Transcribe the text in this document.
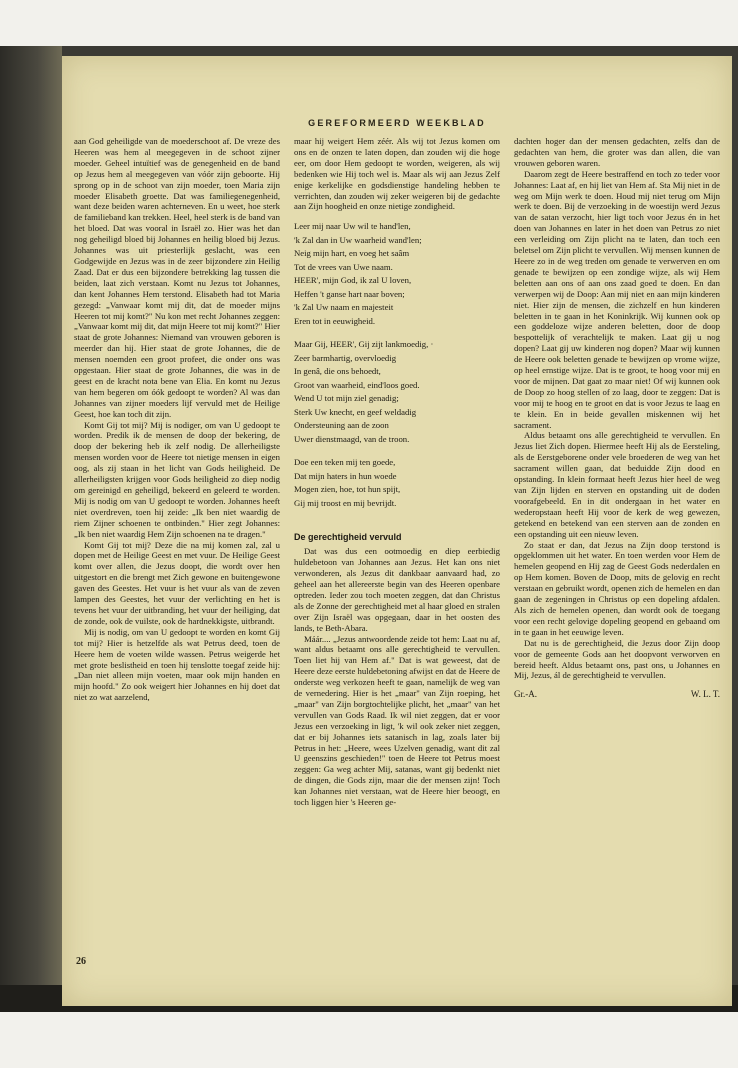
GEREFORMEERD WEEKBLAD

aan God geheiligde van de moederschoot af. De vreze des Heeren was hem al meegegeven in de schoot zijner moeder. Geheel intuïtief was de genegenheid en de band op Jezus hem al meegegeven van vóór zijn geboorte. Hij sprong op in de schoot van zijn moeder, toen Maria zijn moeder Elisabeth groette. Dat was familiegenegenheid, want deze beiden waren achterneven. En u weet, hoe sterk de familieband kan trekken. Heel, heel sterk is de band van het bloed. Dat was vooral in Israël zo. Hier was het dan nog geheiligd bloed bij Johannes en heilig bloed bij Jezus. Johannes was uit priesterlijk geslacht, was een Godgewijde en Jezus was in de zeer bijzondere zin Heilig Zaad. Dat er dus een bijzondere betrekking lag tussen die beiden, laat zich verstaan. Komt nu Jezus tot Johannes, dan kent Johannes Hem terstond. Elisabeth had tot Maria gezegd: „Vanwaar komt mij dit, dat de moeder mijns Heeren tot mij komt?" Nu kon met recht Johannes zeggen: „Vanwaar komt mij dit, dat mijn Heere tot mij komt?" Hier staat de grote Johannes: Niemand van vrouwen geboren is meerder dan hij. Hier staat de grote Johannes, die de mensen noemden een groot profeet, die onder ons was opgestaan. Hier staat de grote Johannes, die was in de geest en de kracht nota bene van Elia. En komt nu Jezus van hem begeren om óók gedoopt te worden? Al was dan Johannes van zijner moeders lijf vervuld met de Heilige Geest, hoe kan toch dit zijn.

Komt Gij tot mij? Mij is nodiger, om van U gedoopt te worden. Predik ik de mensen de doop der bekering, de doop der bekering heb ik zelf nodig. De allerheiligste mensen worden voor de Heere tot nietige mensen in eigen oog, als zij staan in het licht van Gods heiligheid. De allerheiligsten krijgen voor Gods heiligheid zo diep nodig om gereinigd en geheiligd, bekeerd en geleerd te worden. Mij is nodig om van U gedoopt te worden. Johannes heeft niet overdreven, toen hij zeide: „Ik ben niet waardig de riem Zijner schoenen te ontbinden." Hier zegt Johannes: „Ik ben niet waardig Hem Zijn schoenen na te dragen."

Komt Gij tot mij? Deze die na mij komen zal, zal u dopen met de Heilige Geest en met vuur. De Heilige Geest komt over allen, die Jezus doopt, die wordt over hen uitgestort en die brengt met Zich gewone en buitengewone gaven des Geestes. Het vuur is het vuur als van de zeven lampen des Geestes, het vuur der verlichting en het is tevens het vuur der uitbranding, het vuur der heiliging, dat de zonde, ook de vuilste, ook de hardnekkigste, uitbrandt.

Mij is nodig, om van U gedoopt te worden en komt Gij tot mij? Hier is hetzelfde als wat Petrus deed, toen de Heere hem de voeten wilde wassen. Petrus weigerde het met grote beslistheid en toen hij tenslotte toegaf zeide hij: „Dan niet alleen mijn voeten, maar ook mijn handen en mijn hoofd." Zo ook weigert hier Johannes en hij doet dat niet zo wat aarzelend,

maar hij weigert Hem zéér. Als wij tot Jezus komen om ons en de onzen te laten dopen, dan zouden wij die hoge eer, om door Hem gedoopt te worden, weigeren, als wij bedenken wie Hij toch wel is. Maar als wij aan Jezus Zelf enige kerkelijke en godsdienstige handeling hebben te verrichten, dan zouden wij zeker weigeren bij de gedachte aan Zijn hoogheid en onze nietige zondigheid.

Leer mij naar Uw wil te hand'len,
'k Zal dan in Uw waarheid wand'len;
Neig mijn hart, en voeg het saâm
Tot de vrees van Uwe naam.
HEER', mijn God, ik zal U loven,
Heffen 't ganse hart naar boven;
'k Zal Uw naam en majesteit
Eren tot in eeuwigheid.
Maar Gij, HEER', Gij zijt lankmoedig, ·
Zeer barmhartig, overvloedig
In genâ, die ons behoedt,
Groot van waarheid, eind'loos goed.
Wend U tot mijn ziel genadig;
Sterk Uw knecht, en geef weldadig
Ondersteuning aan de zoon
Uwer dienstmaagd, van de troon.
Doe een teken mij ten goede,
Dat mijn haters in hun woede
Mogen zien, hoe, tot hun spijt,
Gij mij troost en mij bevrijdt.
De gerechtigheid vervuld

Dat was dus een ootmoedig en diep eerbiedig huldebetoon van Johannes aan Jezus. Het kan ons niet verwonderen, als Jezus dit dankbaar aanvaard had, zo geheel aan het allereerste begin van des Heeren openbare optreden. Ieder zou toch moeten zeggen, dat dan Christus als de Zonne der gerechtigheid met al haar gloed en stralen over Zijn Israël was opgegaan, daar in het oosten des lands, te Beth-Abara.

Máár.... „Jezus antwoordende zeide tot hem: Laat nu af, want aldus betaamt ons alle gerechtigheid te vervullen. Toen liet hij van Hem af." Dat is wat geweest, dat de Heere deze eerste huldebetoning afwijst en dat de Heere de onderste weg verkozen heeft te gaan, namelijk de weg van de vernedering. Hier is het „maar" van Zijn roeping, het „maar" van Zijn borgtochtelijke plicht, het „maar" van het vervullen van Gods Raad. Ik wil niet zeggen, dat er voor Jezus een verzoeking in ligt, 'k wil ook zeker niet zeggen, dat er bij Johannes iets satanisch in lag, zoals later bij Petrus in het: „Heere, wees Uzelven genadig, want dit zal U geenszins geschieden!" toen de Heere tot Petrus moest zeggen: Ga weg achter Mij, satanas, want gij bedenkt niet de dingen, die Gods zijn, maar die der mensen zijn! Toch kan Johannes niet verstaan, wat de Heere hier beoogt, en toch liggen hier 's Heeren ge-

dachten hoger dan der mensen gedachten, zelfs dan de gedachten van hem, die groter was dan allen, die van vrouwen geboren waren.

Daarom zegt de Heere bestraffend en toch zo teder voor Johannes: Laat af, en hij liet van Hem af. Sta Mij niet in de weg om Mijn werk te doen. Houd mij niet terug om Mijn werk te doen. Bij de verzoeking in de woestijn werd Jezus van de satan verzocht, hier ligt toch voor Jezus én in het doen van Johannes en later in het doen van Petrus zo niet een verleiding om Zijn plicht na te laten, dan toch een beletsel om Zijn plicht te vervullen. Wij mensen kunnen de Heere zo in de weg treden om genade te verwerven en om genade te bewijzen op een zondige wijze, als wij Hem beletten aan ons of aan ons zaad goed te doen. En dan verwerpen wij de Doop: Aan mij niet en aan mijn kinderen niet. Hier zijn de mensen, die zichzelf en hun kinderen beletten in te gaan in het Koninkrijk. Wij kunnen ook op een goddeloze wijze anderen beletten, door de doop bespottelijk of verachtelijk te maken. Laat gij u nog dopen? Laat gij uw kinderen nog dopen? Maar wij kunnen de Heere ook beletten genade te bewijzen op vrome wijze, op heel ernstige wijze. Dat is te groot, te hoog voor mij en voor de mijnen. Dat gaat zo maar niet! Of wij kunnen ook de Doop zo hoog stellen of zo laag, door te zeggen: Dat is voor mij te hoog en te groot en dat is voor Jezus te laag en te klein. En in beide gevallen miskennen wij het sacrament.

Aldus betaamt ons alle gerechtigheid te vervullen. En Jezus liet Zich dopen. Hiermee heeft Hij als de Eersteling, als de Eerstgeborene onder vele broederen de weg van het sacrament willen gaan, dat beduidde Zijn dood en opstanding. In klein formaat heeft Jezus hier heel de weg van Zijn lijden en sterven en opstanding uit de doden voorafgebeeld. En in dit ondergaan in het water en wederopstaan heeft Hij voor de kerk de weg gewezen, getekend en betekend van een sterven aan de zonden en een opstanding uit een nieuw leven.

Zo staat er dan, dat Jezus na Zijn doop terstond is opgeklommen uit het water. En toen werden voor Hem de hemelen geopend en Hij zag de Geest Gods nederdalen en op Hem komen. Boven de Doop, mits de gelovig en recht verstaan en gebruikt wordt, openen zich de hemelen en dan gaan de zegeningen in Christus op een dopeling afdalen. Als zich de hemelen openen, dan wordt ook de toegang voor een recht gelovige dopeling geopend en gebaand om in te gaan in het eeuwige leven.

Dat nu is de gerechtigheid, die Jezus door Zijn doop voor de gemeente Gods aan het doopvont verworven en bereid heeft. Aldus betaamt ons, past ons, u Johannes en Mij, Jezus, ál de gerechtigheid te vervullen.

Gr.-A.	W. L. T.
26
